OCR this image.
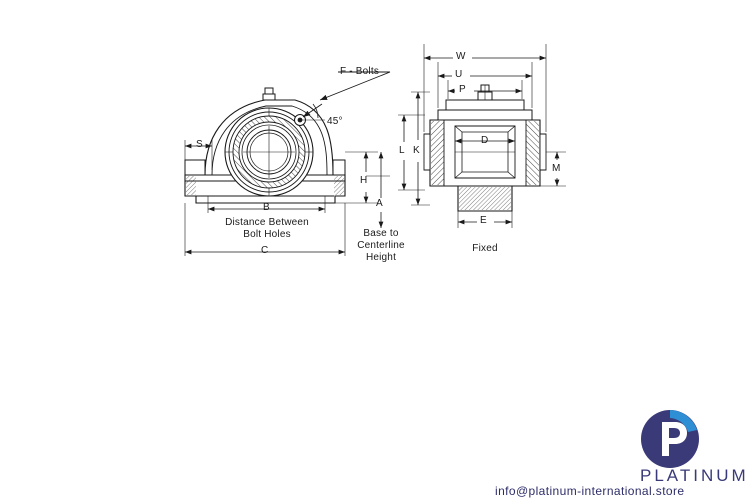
F - Bolts
45°
S
B
H
A
C
L K
W
U
P
D
M
E
Distance Between
Bolt Holes	Base to
Centerline
Height
Fixed
PLATINUM
info@platinum-international.store
